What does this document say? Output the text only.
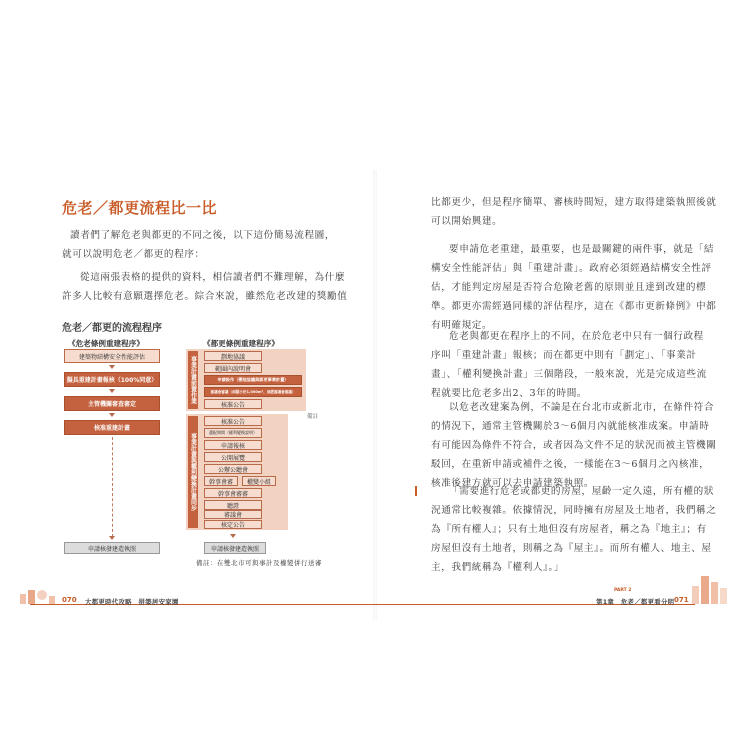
危老／都更流程比一比
讀者們了解危老與都更的不同之後，以下這份簡易流程圖，
就可以說明危老／都更的程序：
從這兩張表格的提供的資料，相信讀者們不難理解，為什麼
許多人比較有意願選擇危老。綜合來說，雖然危老改建的獎勵值
危老／都更的流程程序
《危老條例重建程序》
建築物結構安全性能評估
擬具重建計畫報核（100%同意）
主管機關審查審定
核准重建計畫
申請核發建造執照
《都更條例重建程序》
事業計畫前置作業	劃地協議
範圍內說明會
申請設作（變地協議與都更事業計畫）
審議會審議（面積小於1,000m²、須經審議會審議）
核准公告
備註
事業計畫與權利變換計畫同步
核准公告
選配期間（權利變換說明）
申請報核
公開展覽
公辦公聽會
幹事會審	權變小組
幹事會審審
聽證
審議會
核定公告
申請核發建造執照
備註：在雙北市可與事計及權變併行送審
比都更少，但是程序簡單、審核時間短，建方取得建築執照後就
可以開始興建。
要申請危老重建，最重要，也是最關鍵的兩件事，就是「結
構安全性能評估」與「重建計畫」。政府必須經過結構安全性評
估，才能判定房屋是否符合危險老舊的原則並且達到改建的標
準。都更亦需經過同樣的評估程序，這在《都市更新條例》中都
有明確規定。
危老與都更在程序上的不同，在於危老中只有一個行政程
序叫「重建計畫」報核；而在都更中則有「劃定」、「事業計
畫」、「權利變換計畫」三個階段，一般來說，光是完成這些流
程就要比危老多出2、3年的時間。
以危老改建案為例，不論是在台北市或新北市，在條件符合
的情況下，通常主管機關於3～6個月內就能核准成案。申請時
有可能因為條件不符合，或者因為文件不足的狀況而被主管機關
駁回，在重新申請或補件之後，一樣能在3～6個月之內核准，
核准後建方就可以去申請建築執照。
「需要進行危老或都更的房屋，屋齡一定久遠，所有權的狀
況通常比較複雜。依據情況，同時擁有房屋及土地者，我們稱之
為『所有權人』；只有土地但沒有房屋者，稱之為『地主』；有
房屋但沒有土地者，則稱之為『屋主』。而所有權人、地主、屋
主，我們統稱為『權利人』。」
070 大都更時代攻略　拼築居安家園
PART 2
第1章　危老／都更看分明 071
